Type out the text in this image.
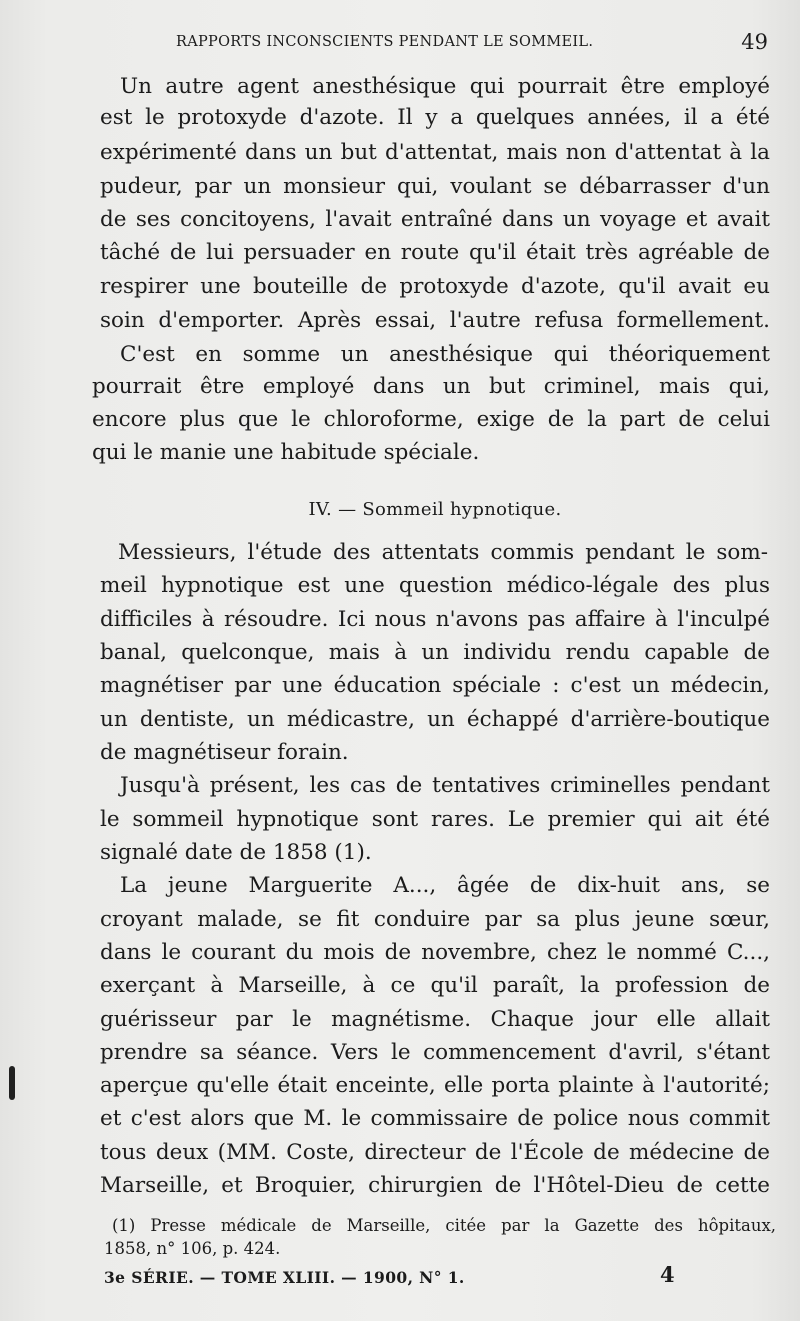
RAPPORTS INCONSCIENTS PENDANT LE SOMMEIL.	49
Un autre agent anesthésique qui pourrait être employé
est le protoxyde d'azote. Il y a quelques années, il a été
expérimenté dans un but d'attentat, mais non d'attentat à la
pudeur, par un monsieur qui, voulant se débarrasser d'un
de ses concitoyens, l'avait entraîné dans un voyage et avait
tâché de lui persuader en route qu'il était très agréable de
respirer une bouteille de protoxyde d'azote, qu'il avait eu
soin d'emporter. Après essai, l'autre refusa formellement.
C'est en somme un anesthésique qui théoriquement
pourrait être employé dans un but criminel, mais qui,
encore plus que le chloroforme, exige de la part de celui
qui le manie une habitude spéciale.
IV. — Sommeil hypnotique.
Messieurs, l'étude des attentats commis pendant le som-
meil hypnotique est une question médico-légale des plus
difficiles à résoudre. Ici nous n'avons pas affaire à l'inculpé
banal, quelconque, mais à un individu rendu capable de
magnétiser par une éducation spéciale : c'est un médecin,
un dentiste, un médicastre, un échappé d'arrière-boutique
de magnétiseur forain.
Jusqu'à présent, les cas de tentatives criminelles pendant
le sommeil hypnotique sont rares. Le premier qui ait été
signalé date de 1858 (1).
La jeune Marguerite A..., âgée de dix-huit ans, se
croyant malade, se fit conduire par sa plus jeune sœur,
dans le courant du mois de novembre, chez le nommé C...,
exerçant à Marseille, à ce qu'il paraît, la profession de
guérisseur par le magnétisme. Chaque jour elle allait
prendre sa séance. Vers le commencement d'avril, s'étant
aperçue qu'elle était enceinte, elle porta plainte à l'autorité;
et c'est alors que M. le commissaire de police nous commit
tous deux (MM. Coste, directeur de l'École de médecine de
Marseille, et Broquier, chirurgien de l'Hôtel-Dieu de cette
(1) Presse médicale de Marseille, citée par la Gazette des hôpitaux,
1858, n° 106, p. 424.
3e SÉRIE. — TOME XLIII. — 1900, N° 1.	4
